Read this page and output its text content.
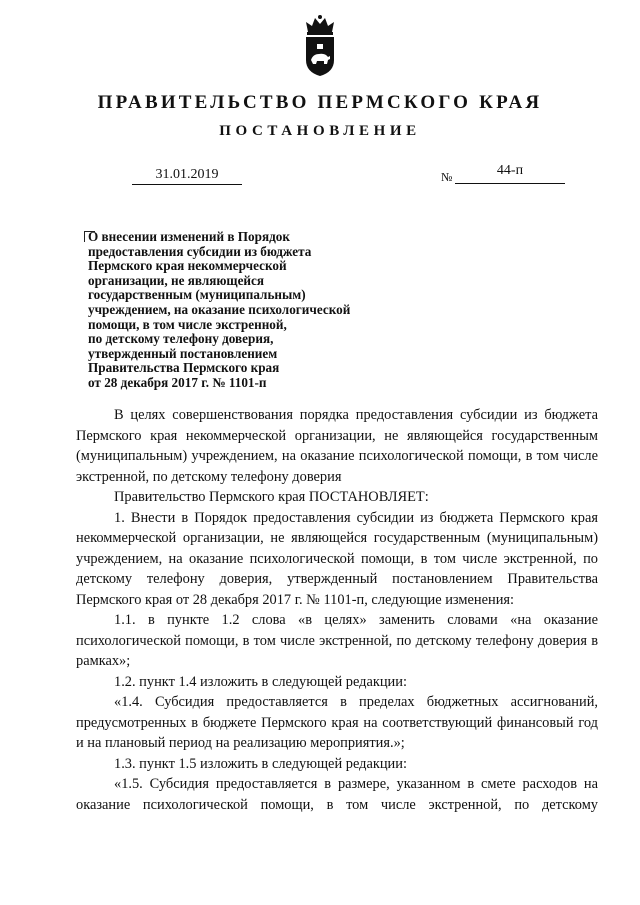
ПРАВИТЕЛЬСТВО ПЕРМСКОГО КРАЯ
ПОСТАНОВЛЕНИЕ
31.01.2019	№	44-п
О внесении изменений в Порядок
предоставления субсидии из бюджета
Пермского края некоммерческой
организации, не являющейся
государственным (муниципальным)
учреждением, на оказание психологической
помощи, в том числе экстренной,
по детскому телефону доверия,
утвержденный постановлением
Правительства Пермского края
от 28 декабря 2017 г. № 1101-п

В целях совершенствования порядка предоставления субсидии из бюджета Пермского края некоммерческой организации, не являющейся государственным (муниципальным) учреждением, на оказание психологической помощи, в том числе экстренной, по детскому телефону доверия

Правительство Пермского края ПОСТАНОВЛЯЕТ:

1. Внести в Порядок предоставления субсидии из бюджета Пермского края некоммерческой организации, не являющейся государственным (муниципальным) учреждением, на оказание психологической помощи, в том числе экстренной, по детскому телефону доверия, утвержденный постановлением Правительства Пермского края от 28 декабря 2017 г. № 1101-п, следующие изменения:

1.1. в пункте 1.2 слова «в целях» заменить словами «на оказание психологической помощи, в том числе экстренной, по детскому телефону доверия в рамках»;

1.2. пункт 1.4 изложить в следующей редакции:

«1.4. Субсидия предоставляется в пределах бюджетных ассигнований, предусмотренных в бюджете Пермского края на соответствующий финансовый год и на плановый период на реализацию мероприятия.»;

1.3. пункт 1.5 изложить в следующей редакции:

«1.5. Субсидия предоставляется в размере, указанном в смете расходов на оказание психологической помощи, в том числе экстренной, по детскому
